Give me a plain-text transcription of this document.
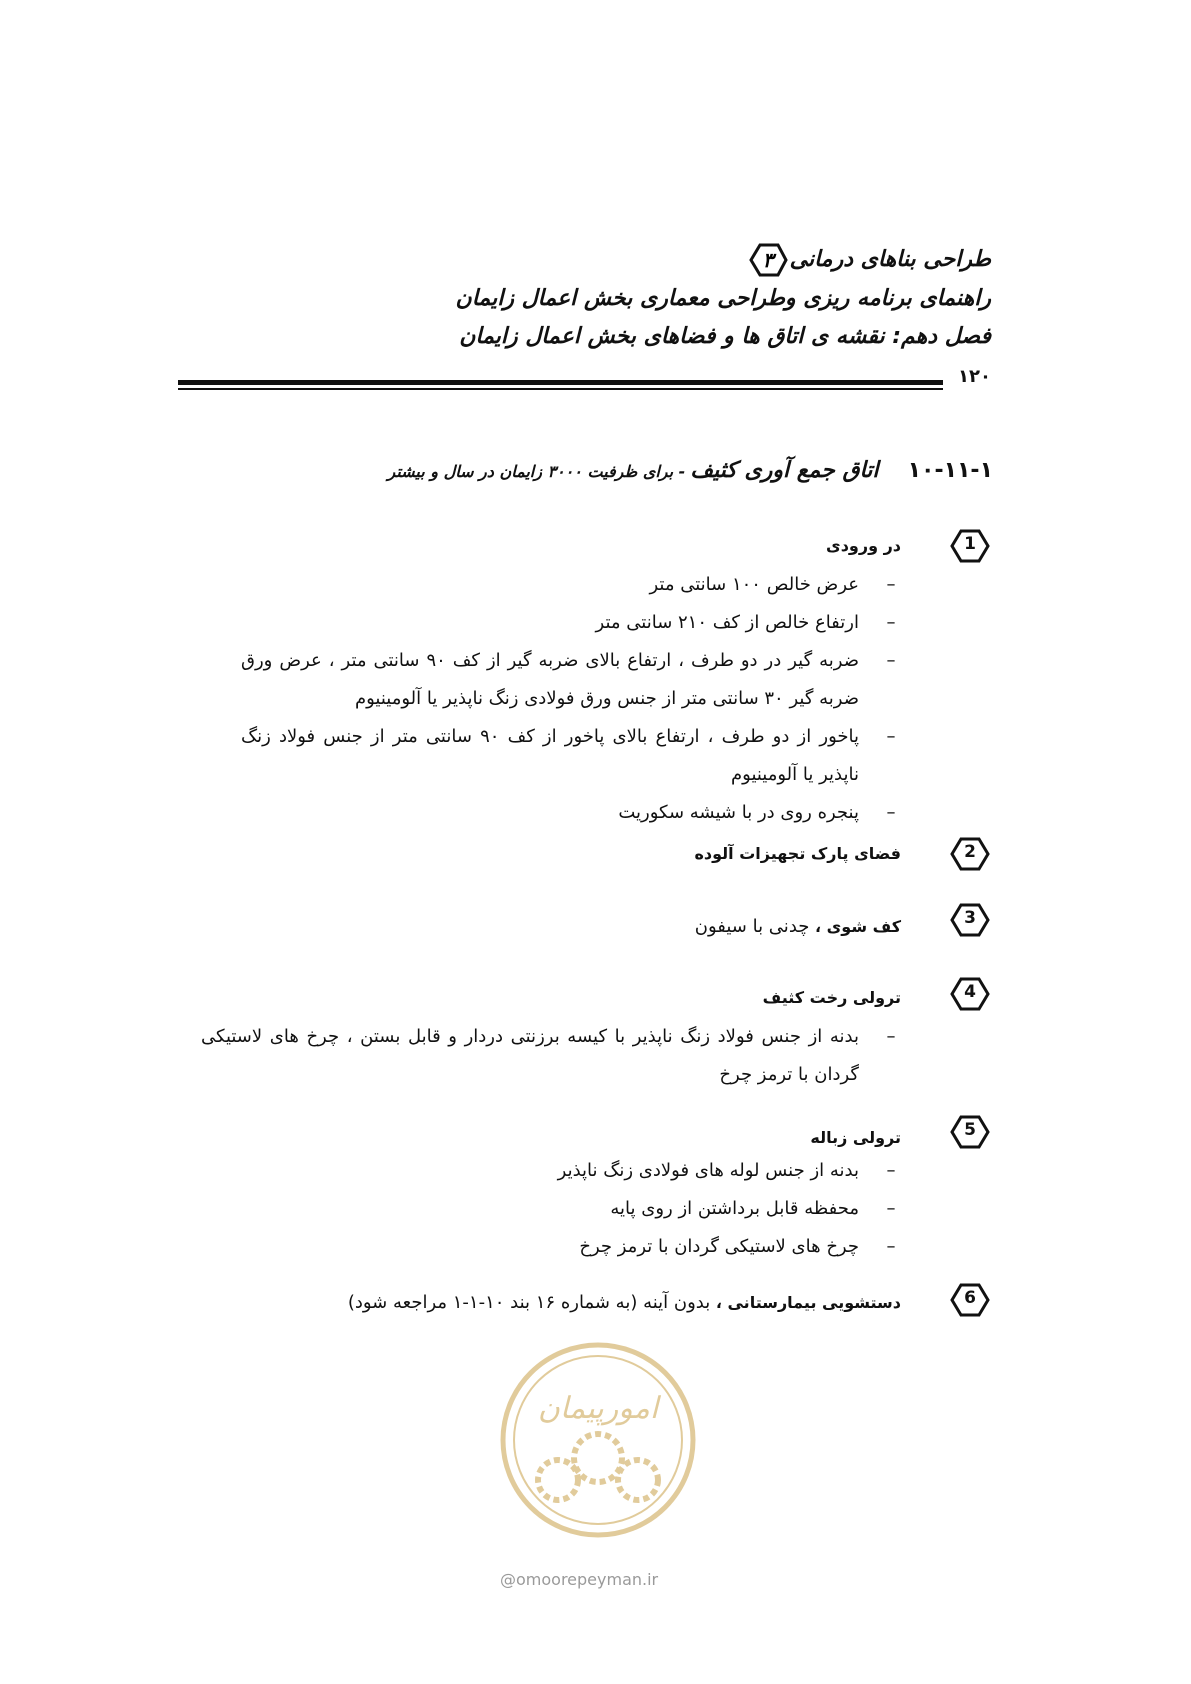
طراحی بناهای درمانی
۳
راهنمای برنامه ریزی وطراحی معماری بخش اعمال زایمان
فصل دهم: نقشه ی اتاق ها و فضاهای بخش اعمال زایمان
۱۲۰
۱۰-۱۱-۱ اتاق جمع آوری کثیف - برای ظرفیت ۳۰۰۰ زایمان در سال و بیشتر
1
در ورودی
–
عرض خالص ۱۰۰ سانتی متر
–
ارتفاع خالص از کف ۲۱۰ سانتی متر
–
ضربه گیر در دو طرف ، ارتفاع بالای ضربه گیر از کف ۹۰ سانتی متر ، عرض ورق ضربه گیر ۳۰ سانتی متر از جنس ورق فولادی زنگ ناپذیر یا آلومینیوم
–
پاخور از دو طرف ، ارتفاع بالای پاخور از کف ۹۰ سانتی متر از جنس فولاد زنگ ناپذیر یا آلومینیوم
–
پنجره روی در با شیشه سکوریت
2
فضای پارک تجهیزات آلوده
3
کف شوی ، چدنی با سیفون
4
ترولی رخت کثیف
–
بدنه از جنس فولاد زنگ ناپذیر با کیسه برزنتی دردار و قابل بستن ، چرخ های لاستیکی گردان با ترمز چرخ
5
ترولی زباله
–
بدنه از جنس لوله های فولادی زنگ ناپذیر
–
محفظه قابل برداشتن از روی پایه
–
چرخ های لاستیکی گردان با ترمز چرخ
6
دستشویی بیمارستانی ، بدون آینه (به شماره ۱۶ بند ۱۰-۱-۱ مراجعه شود)
امورپیمان
@omoorepeyman.ir
